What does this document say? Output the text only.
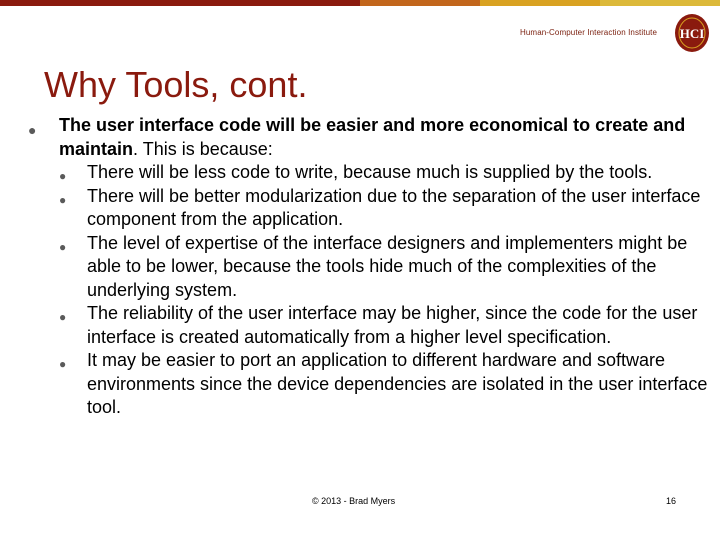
Human-Computer Interaction Institute HCI
Why Tools, cont.
● The user interface code will be easier and more economical to create and maintain. This is because:
● There will be less code to write, because much is supplied by the tools.
● There will be better modularization due to the separation of the user interface component from the application.
● The level of expertise of the interface designers and implementers might be able to be lower, because the tools hide much of the complexities of the underlying system.
● The reliability of the user interface may be higher, since the code for the user interface is created automatically from a higher level specification.
● It may be easier to port an application to different hardware and software environments since the device dependencies are isolated in the user interface tool.
© 2013 - Brad Myers	16
